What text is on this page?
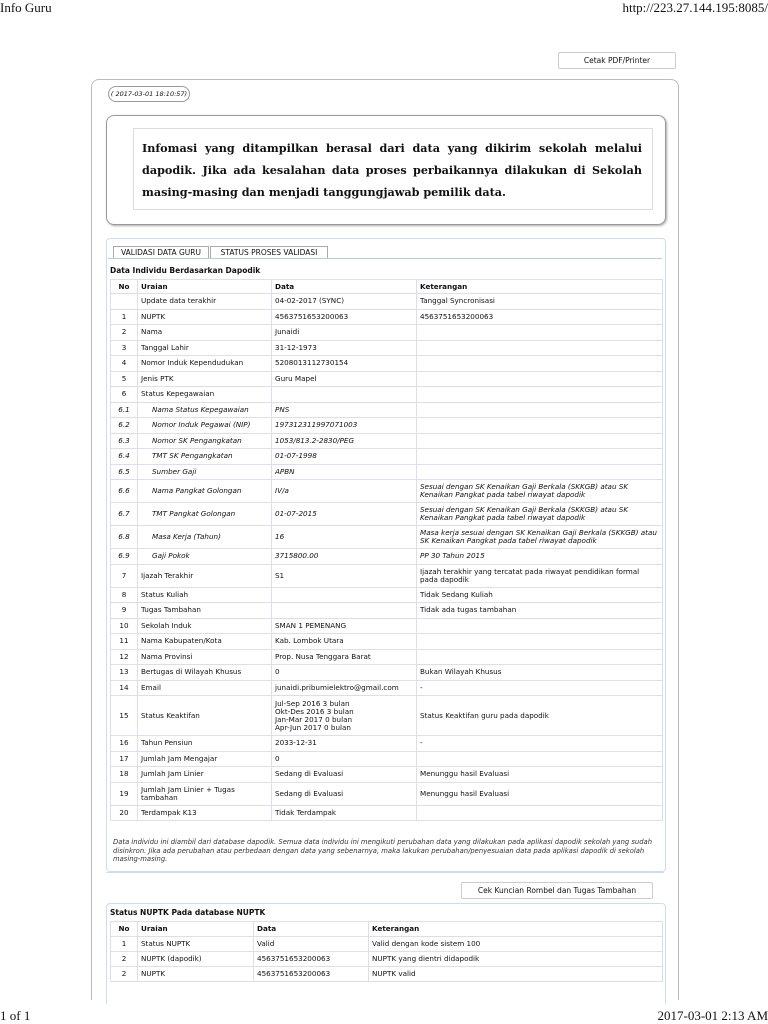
Info Guru	http://223.27.144.195:8085/
Cetak PDF/Printer
( 2017-03-01 18:10:57)
Infomasi yang ditampilkan berasal dari data yang dikirim sekolah melalui dapodik. Jika ada kesalahan data proses perbaikannya dilakukan di Sekolah masing-masing dan menjadi tanggungjawab pemilik data.
VALIDASI DATA GURU	STATUS PROSES VALIDASI
Data Individu Berdasarkan Dapodik
No	Uraian	Data	Keterangan
	Update data terakhir	04-02-2017 (SYNC)	Tanggal Syncronisasi
1	NUPTK	4563751653200063	4563751653200063
2	Nama	Junaidi	
3	Tanggal Lahir	31-12-1973	
4	Nomor Induk Kependudukan	5208013112730154	
5	Jenis PTK	Guru Mapel	
6	Status Kepegawaian		
6.1	Nama Status Kepegawaian	PNS	
6.2	Nomor Induk Pegawai (NIP)	197312311997071003	
6.3	Nomor SK Pengangkatan	1053/813.2-2830/PEG	
6.4	TMT SK Pengangkatan	01-07-1998	
6.5	Sumber Gaji	APBN	
6.6	Nama Pangkat Golongan	IV/a	Sesuai dengan SK Kenaikan Gaji Berkala (SKKGB) atau SK Kenaikan Pangkat pada tabel riwayat dapodik
6.7	TMT Pangkat Golongan	01-07-2015	Sesuai dengan SK Kenaikan Gaji Berkala (SKKGB) atau SK Kenaikan Pangkat pada tabel riwayat dapodik
6.8	Masa Kerja (Tahun)	16	Masa kerja sesuai dengan SK Kenaikan Gaji Berkala (SKKGB) atau SK Kenaikan Pangkat pada tabel riwayat dapodik
6.9	Gaji Pokok	3715800.00	PP 30 Tahun 2015
7	Ijazah Terakhir	S1	Ijazah terakhir yang tercatat pada riwayat pendidikan formal pada dapodik
8	Status Kuliah		Tidak Sedang Kuliah
9	Tugas Tambahan		Tidak ada tugas tambahan
10	Sekolah Induk	SMAN 1 PEMENANG	
11	Nama Kabupaten/Kota	Kab. Lombok Utara	
12	Nama Provinsi	Prop. Nusa Tenggara Barat	
13	Bertugas di Wilayah Khusus	0	Bukan Wilayah Khusus
14	Email	junaidi.pribumielektro@gmail.com	-
15	Status Keaktifan	Jul-Sep 2016 3 bulan
Okt-Des 2016 3 bulan
Jan-Mar 2017 0 bulan
Apr-Jun 2017 0 bulan	Status Keaktifan guru pada dapodik
16	Tahun Pensiun	2033-12-31	-
17	Jumlah Jam Mengajar	0	
18	Jumlah Jam Linier	Sedang di Evaluasi	Menunggu hasil Evaluasi
19	Jumlah Jam Linier + Tugas tambahan	Sedang di Evaluasi	Menunggu hasil Evaluasi
20	Terdampak K13	Tidak Terdampak	
Data individu ini diambil dari database dapodik. Semua data individu ini mengikuti perubahan data yang dilakukan pada aplikasi dapodik sekolah yang sudah disinkron. Jika ada perubahan atau perbedaan dengan data yang sebenarnya, maka lakukan perubahan/penyesuaian data pada aplikasi dapodik di sekolah masing-masing.
Cek Kuncian Rombel dan Tugas Tambahan
Status NUPTK Pada database NUPTK
No	Uraian	Data	Keterangan
1	Status NUPTK	Valid	Valid dengan kode sistem 100
2	NUPTK (dapodik)	4563751653200063	NUPTK yang dientri didapodik
2	NUPTK	4563751653200063	NUPTK valid
1 of 1	2017-03-01 2:13 AM
